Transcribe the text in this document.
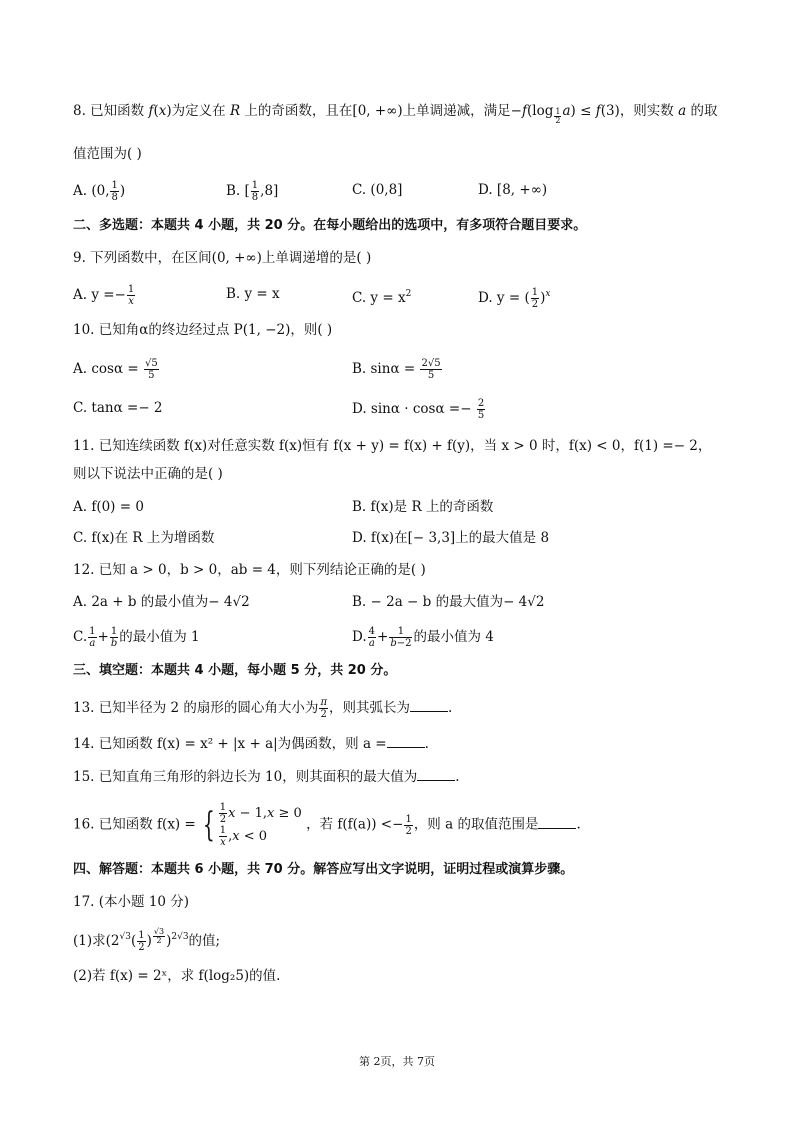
8. 已知函数 f(x)为定义在 R 上的奇函数，且在[0, +∞)上单调递减，满足−f(log $_{\frac{1}{2}}$ a) ≤ f(3)，则实数 a 的取
值范围为( )
A. (0, $\frac{1}{8}$ )	B. [ $\frac{1}{8} ,8$]	C. (0,8]	D. [8, +∞)
二、多选题：本题共 4 小题，共 20 分。在每小题给出的选项中，有多项符合题目要求。
9. 下列函数中，在区间(0, +∞)上单调递增的是( )
A. $y =- \frac{1}{x}$	B. y = x	C. $y = x^2$	D. y = ( $\frac{1}{2} )^x$
10. 已知角α的终边经过点 P(1, −2)，则( )
A. $\cos\alpha = \frac{√5}{5}$	B. $\sin\alpha = \frac{2√5}{5}$
C. tanα =− 2	D. $\sin\alpha \cdot \cos\alpha =- \frac{2}{5}$
11. 已知连续函数 f(x)对任意实数 f(x)恒有 f(x + y) = f(x) + f(y)，当 x > 0 时，f(x) < 0，f(1) =− 2，
则以下说法中正确的是( )
A. f(0) = 0	B. f(x)是 R 上的奇函数
C. f(x)在 R 上为增函数	D. f(x)在[− 3,3]上的最大值是 8
12. 已知 a > 0，b > 0，ab = 4，则下列结论正确的是( )
A. 2a + b 的最小值为− 4√2	B. − 2a − b 的最大值为− 4√2
C. $\frac{1}{a} + \frac{1}{b}$ 的最小值为 1	D. $\frac{4}{a} + \frac{1}{b-2}$ 的最小值为 4
三、填空题：本题共 4 小题，每小题 5 分，共 20 分。
13. 已知半径为 2 的扇形的圆心角大小为 $\frac{\pi}{2}$ ，则其弧长为	.
14. 已知函数 f(x) = x² + |x + a|为偶函数，则 a =	.
15. 已知直角三角形的斜边长为 10，则其面积的最大值为	.
16. 已知函数 f(x) = { $\frac{1}{2}$ x − 1,x ≥ 0
$\frac{1}{x} ,x < 0$
，若 $f(f(a)) <- \frac{1}{2}$ ，则 a 的取值范围是	.
四、解答题：本题共 6 小题，共 70 分。解答应写出文字说明，证明过程或演算步骤。
17. (本小题 10 分)
(1)求($2^{√3}( \frac{1}{2}$ ) $^{\frac{√3}{2}}$ )$^{2√3}$的值;
(2)若 f(x) = 2ˣ，求 f(log₂5)的值.
第 2页，共 7页
